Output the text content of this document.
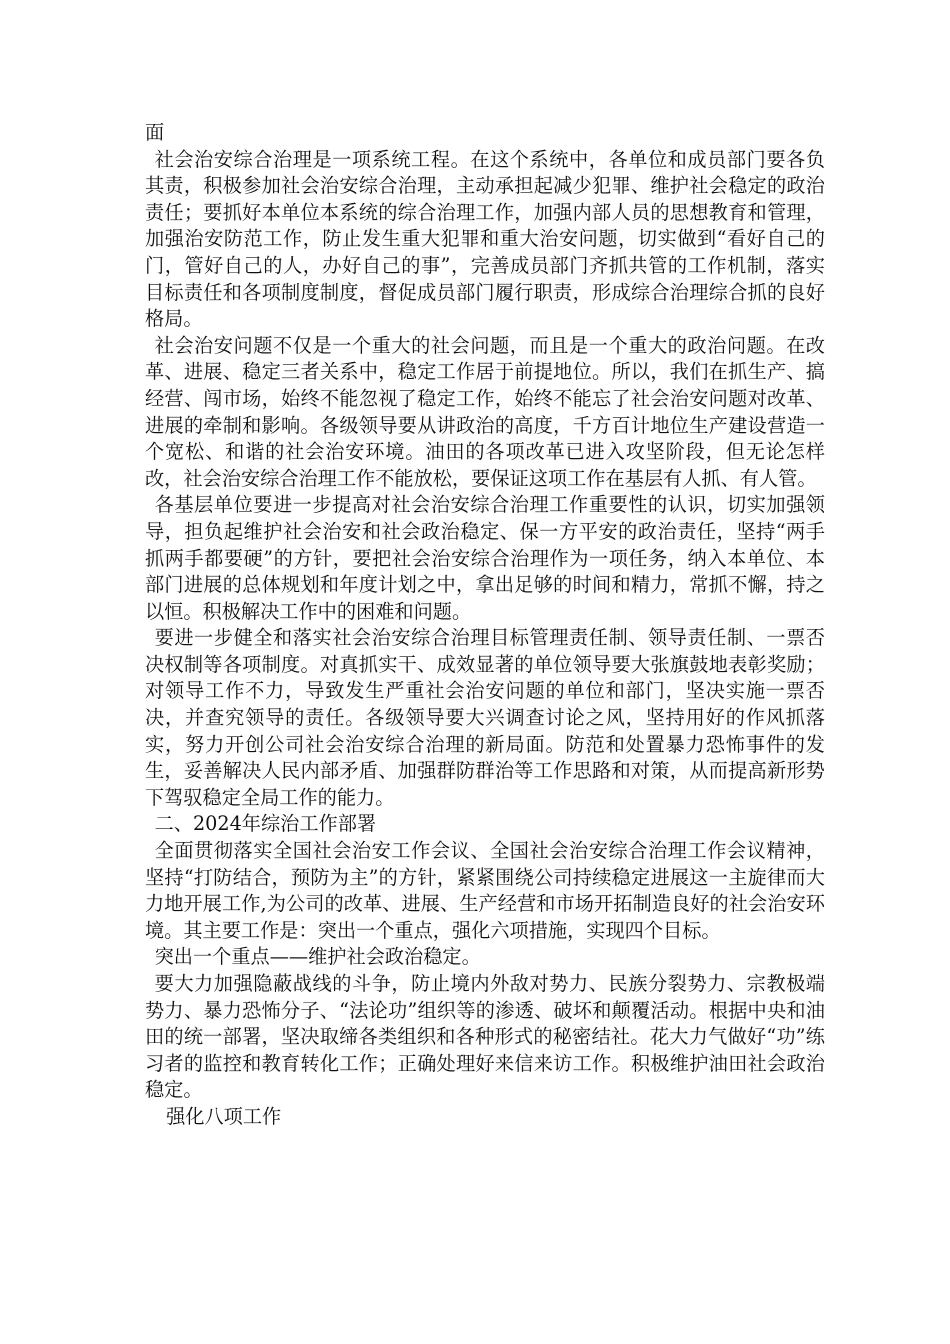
面

社会治安综合治理是一项系统工程。在这个系统中，各单位和成员部门要各负其责，积极参加社会治安综合治理，主动承担起减少犯罪、维护社会稳定的政治责任；要抓好本单位本系统的综合治理工作，加强内部人员的思想教育和管理，加强治安防范工作，防止发生重大犯罪和重大治安问题，切实做到“看好自己的门，管好自己的人，办好自己的事”，完善成员部门齐抓共管的工作机制，落实目标责任和各项制度制度，督促成员部门履行职责，形成综合治理综合抓的良好格局。

社会治安问题不仅是一个重大的社会问题，而且是一个重大的政治问题。在改革、进展、稳定三者关系中，稳定工作居于前提地位。所以，我们在抓生产、搞经营、闯市场，始终不能忽视了稳定工作，始终不能忘了社会治安问题对改革、进展的牵制和影响。各级领导要从讲政治的高度，千方百计地位生产建设营造一个宽松、和谐的社会治安环境。油田的各项改革已进入攻坚阶段，但无论怎样改，社会治安综合治理工作不能放松，要保证这项工作在基层有人抓、有人管。

各基层单位要进一步提高对社会治安综合治理工作重要性的认识，切实加强领导，担负起维护社会治安和社会政治稳定、保一方平安的政治责任，坚持“两手抓两手都要硬”的方针，要把社会治安综合治理作为一项任务，纳入本单位、本部门进展的总体规划和年度计划之中，拿出足够的时间和精力，常抓不懈，持之以恒。积极解决工作中的困难和问题。

要进一步健全和落实社会治安综合治理目标管理责任制、领导责任制、一票否决权制等各项制度。对真抓实干、成效显著的单位领导要大张旗鼓地表彰奖励；对领导工作不力，导致发生严重社会治安问题的单位和部门，坚决实施一票否决，并查究领导的责任。各级领导要大兴调查讨论之风，坚持用好的作风抓落实，努力开创公司社会治安综合治理的新局面。防范和处置暴力恐怖事件的发生，妥善解决人民内部矛盾、加强群防群治等工作思路和对策，从而提高新形势下驾驭稳定全局工作的能力。

二、2024年综治工作部署

全面贯彻落实全国社会治安工作会议、全国社会治安综合治理工作会议精神，坚持“打防结合，预防为主”的方针，紧紧围绕公司持续稳定进展这一主旋律而大力地开展工作,为公司的改革、进展、生产经营和市场开拓制造良好的社会治安环境。其主要工作是：突出一个重点，强化六项措施，实现四个目标。

突出一个重点——维护社会政治稳定。

要大力加强隐蔽战线的斗争，防止境内外敌对势力、民族分裂势力、宗教极端势力、暴力恐怖分子、“法论功”组织等的渗透、破坏和颠覆活动。根据中央和油田的统一部署，坚决取缔各类组织和各种形式的秘密结社。花大力气做好“功”练习者的监控和教育转化工作；正确处理好来信来访工作。积极维护油田社会政治稳定。

强化八项工作
